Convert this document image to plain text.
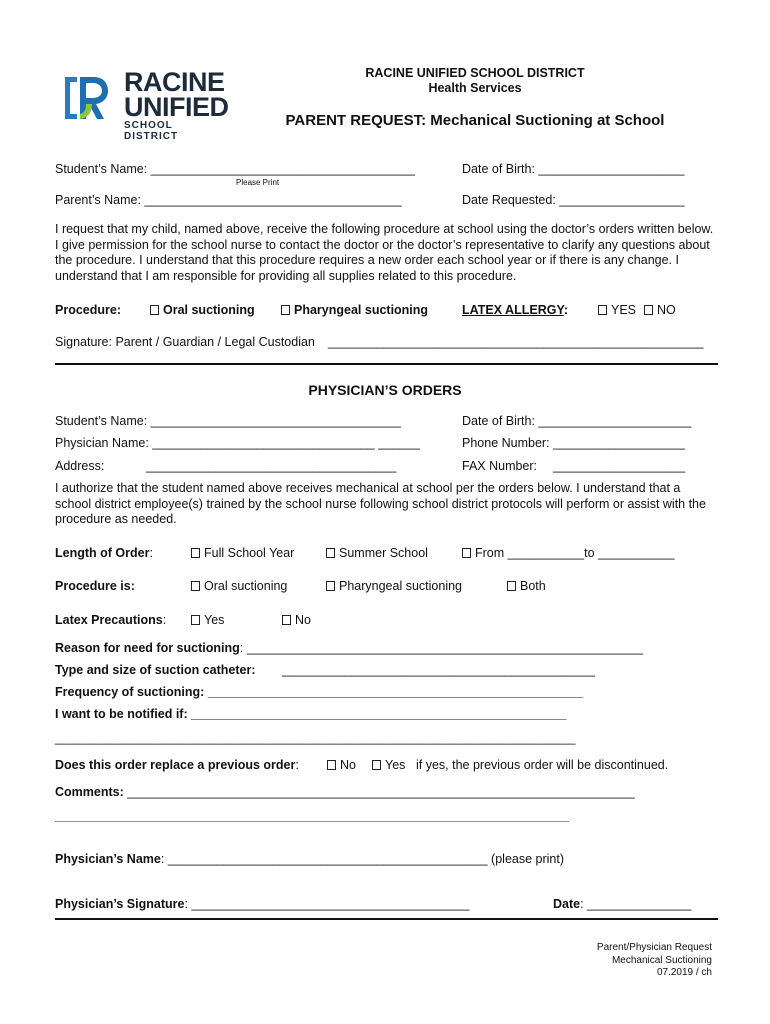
RACINE
UNIFIED
SCHOOL DISTRICT
RACINE UNIFIED SCHOOL DISTRICT
Health Services
PARENT REQUEST: Mechanical Suctioning at School
Student’s Name: ______________________________________
Please Print
Date of Birth: _____________________
Parent’s Name: _____________________________________	Date Requested: __________________
I request that my child, named above, receive the following procedure at school using the doctor’s orders written below. I give permission for the school nurse to contact the doctor or the doctor’s representative to clarify any questions about the procedure. I understand that this procedure requires a new order each school year or if there is any change. I understand that I am responsible for providing all supplies related to this procedure.
Procedure:	Oral suctioning	Pharyngeal suctioning	LATEX ALLERGY:	YES	NO
Signature: Parent / Guardian / Legal Custodian ______________________________________________________
PHYSICIAN’S ORDERS
Student’s Name: ____________________________________	Date of Birth: ______________________
Physician Name: ________________________________ ______	Phone Number: ___________________
Address:	____________________________________	FAX Number: ___________________
I authorize that the student named above receives mechanical at school per the orders below. I understand that a school district employee(s) trained by the school nurse following school district protocols will perform or assist with the procedure as needed.
Length of Order:	Full School Year	Summer School	From ___________to ___________
Procedure is:	Oral suctioning	Pharyngeal suctioning	Both
Latex Precautions:	Yes	No
Reason for need for suctioning: _________________________________________________________
Type and size of suction catheter: _____________________________________________
Frequency of suctioning: ______________________________________________________
I want to be notified if: ______________________________________________________
______________________________________________________________________________
Does this order replace a previous order:	No	Yes if yes, the previous order will be discontinued.
Comments: _________________________________________________________________________
_____________________________________________________________________________
Physician’s Name: ______________________________________________ (please print)
Physician’s Signature: ________________________________________	Date: _______________
Parent/Physician Request
Mechanical Suctioning
07.2019 / ch
